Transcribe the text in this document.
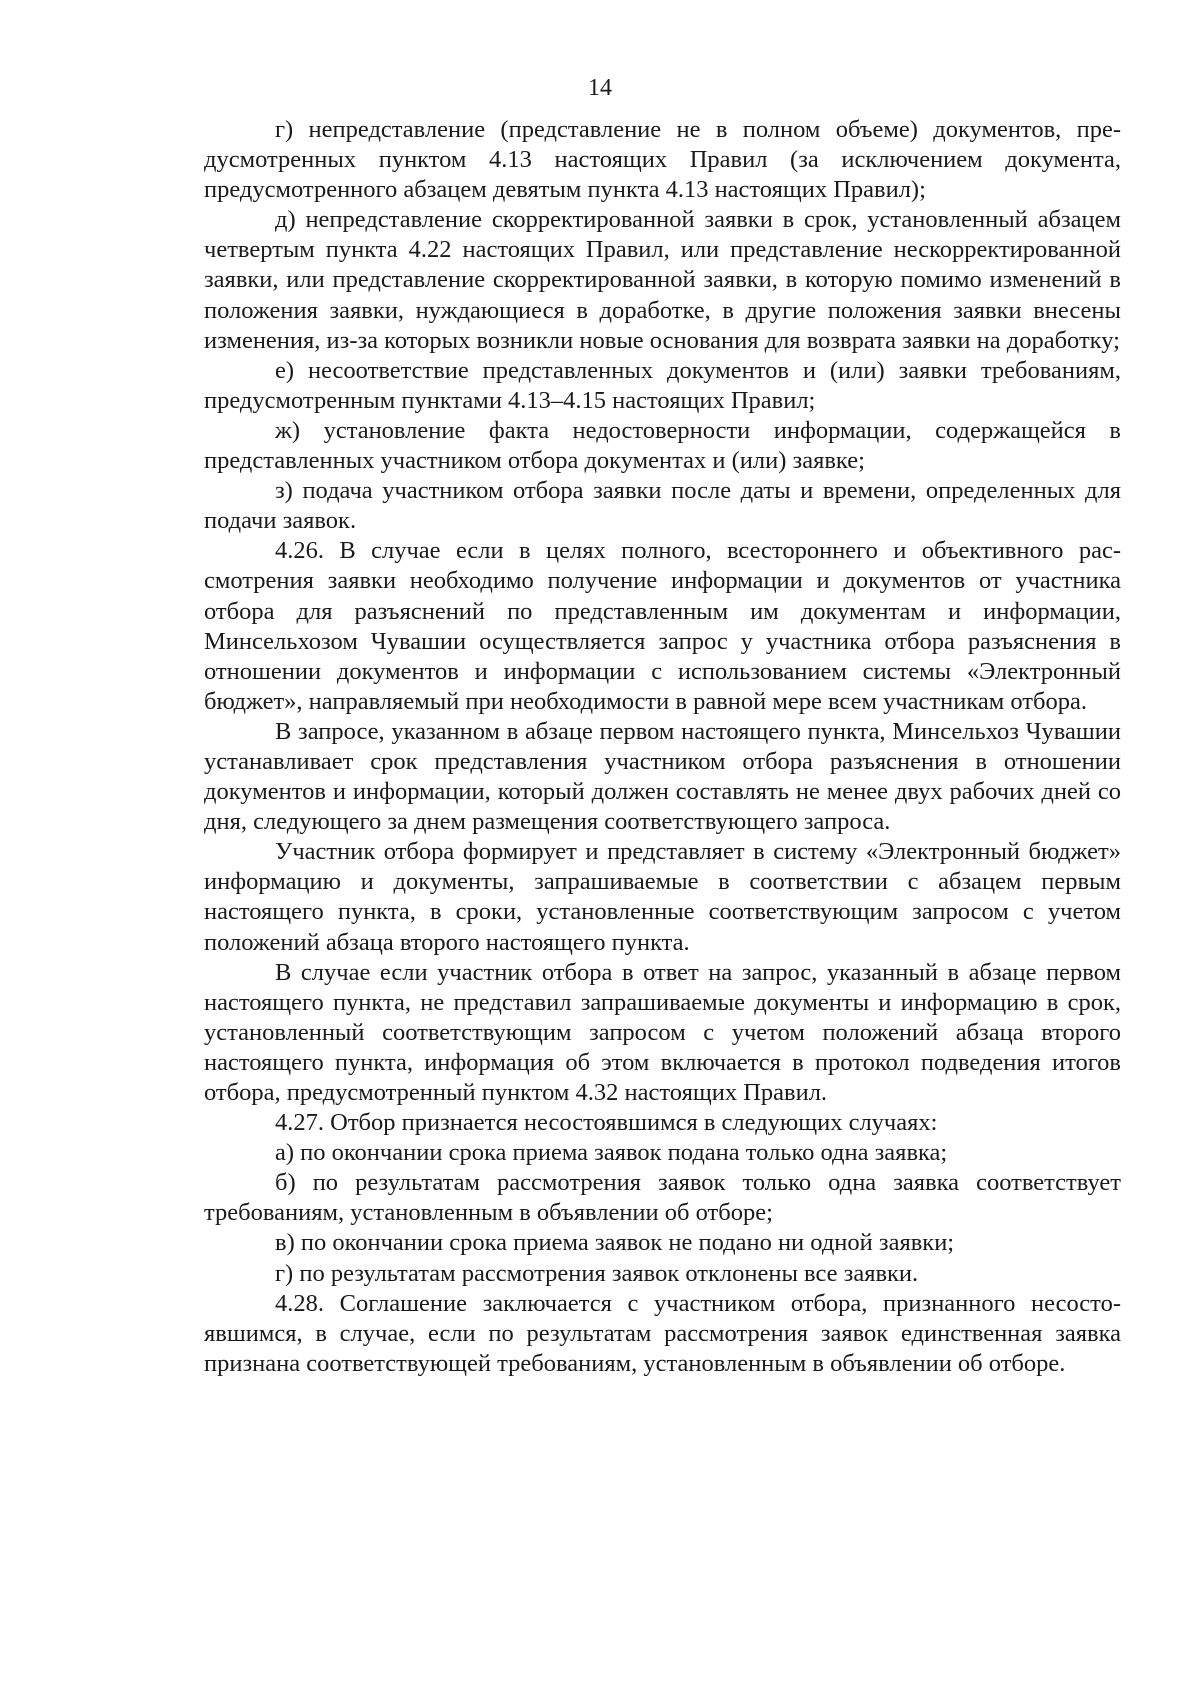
14

г) непредставление (представление не в полном объеме) документов, предусмотренных пунктом 4.13 настоящих Правил (за исключением документа, предусмотренного абзацем девятым пункта 4.13 настоящих Правил);

д) непредставление скорректированной заявки в срок, установленный абзацем четвертым пункта 4.22 настоящих Правил, или представление нескорректированной заявки, или представление скорректированной заявки, в которую помимо изменений в положения заявки, нуждающиеся в доработке, в другие положения заявки внесены изменения, из-за которых возникли новые основания для возврата заявки на доработку;

е) несоответствие представленных документов и (или) заявки требованиям, предусмотренным пунктами 4.13–4.15 настоящих Правил;

ж) установление факта недостоверности информации, содержащейся в представленных участником отбора документах и (или) заявке;

з) подача участником отбора заявки после даты и времени, определенных для подачи заявок.

4.26. В случае если в целях полного, всестороннего и объективного рассмотрения заявки необходимо получение информации и документов от участника отбора для разъяснений по представленным им документам и информации, Минсельхозом Чувашии осуществляется запрос у участника отбора разъяснения в отношении документов и информации с использованием системы «Электронный бюджет», направляемый при необходимости в равной мере всем участникам отбора.

В запросе, указанном в абзаце первом настоящего пункта, Минсельхоз Чувашии устанавливает срок представления участником отбора разъяснения в отношении документов и информации, который должен составлять не менее двух рабочих дней со дня, следующего за днем размещения соответствующего запроса.

Участник отбора формирует и представляет в систему «Электронный бюджет» информацию и документы, запрашиваемые в соответствии с абзацем первым настоящего пункта, в сроки, установленные соответствующим запросом с учетом положений абзаца второго настоящего пункта.

В случае если участник отбора в ответ на запрос, указанный в абзаце первом настоящего пункта, не представил запрашиваемые документы и информацию в срок, установленный соответствующим запросом с учетом положений абзаца второго настоящего пункта, информация об этом включается в протокол подведения итогов отбора, предусмотренный пунктом 4.32 настоящих Правил.

4.27. Отбор признается несостоявшимся в следующих случаях:

а) по окончании срока приема заявок подана только одна заявка;

б) по результатам рассмотрения заявок только одна заявка соответствует требованиям, установленным в объявлении об отборе;

в) по окончании срока приема заявок не подано ни одной заявки;

г) по результатам рассмотрения заявок отклонены все заявки.

4.28. Соглашение заключается с участником отбора, признанного несостоявшимся, в случае, если по результатам рассмотрения заявок единственная заявка признана соответствующей требованиям, установленным в объявлении об отборе.
